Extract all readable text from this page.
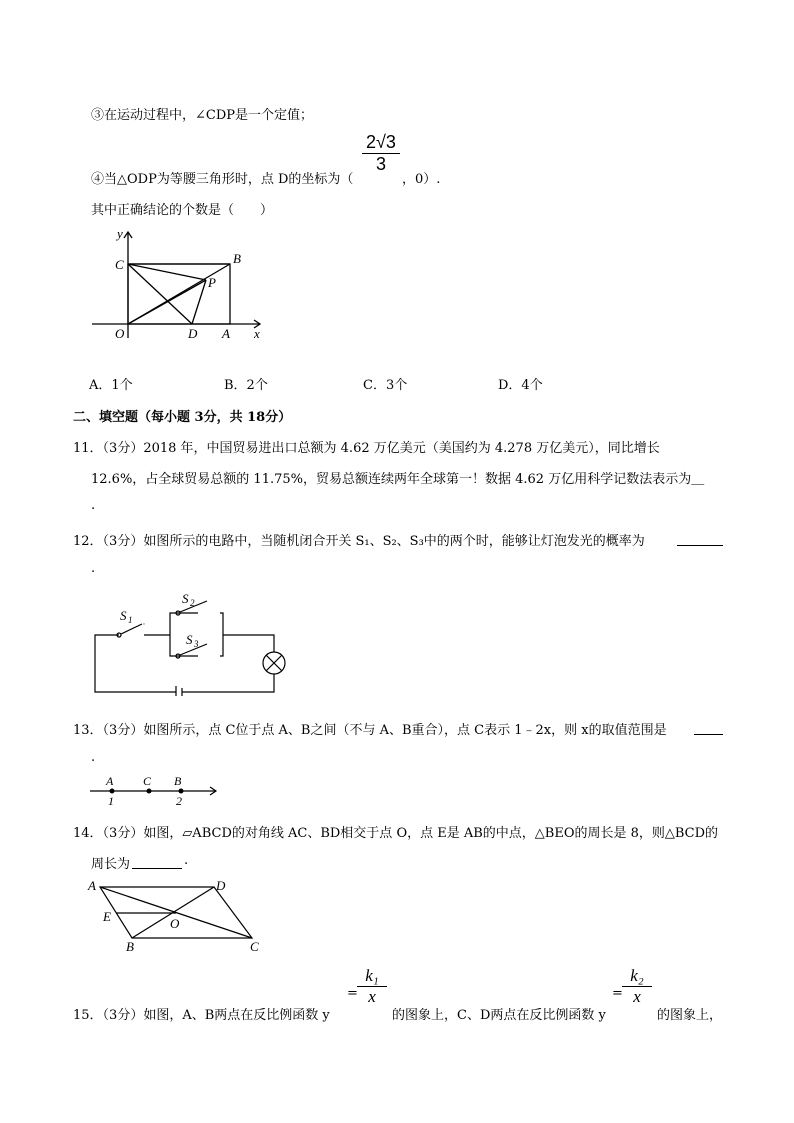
③在运动过程中，∠CDP是一个定值；
④当△ODP为等腰三角形时，点 D的坐标为（
$\frac{2√3}{3}$
，0）.
其中正确结论的个数是（　　）
y
x
C	B
P
O	D A
A．1个	B．2个	C．3个	D．4个
二、填空题（每小题 3分，共 18分）
11．（3分）2018 年，中国贸易进出口总额为 4.62 万亿美元（美国约为 4.278 万亿美元），同比增长
12.6%，占全球贸易总额的 11.75%，贸易总额连续两年全球第一！数据 4.62 万亿用科学记数法表示为＿
.
12．（3分）如图所示的电路中，当随机闭合开关 S₁、S₂、S₃中的两个时，能够让灯泡发光的概率为
.
S 1
S 2
S 3
13．（3分）如图所示，点 C位于点 A、B之间（不与 A、B重合），点 C表示 1﹣2x，则 x的取值范围是
.
A C B
1	2
14．（3分）如图，▱ABCD的对角线 AC、BD相交于点 O，点 E是 AB的中点，△BEO的周长是 8，则△BCD的
周长为	.
A	D
E	O
B	C
15．（3分）如图，A、B两点在反比例函数 y
= $\frac{\text{k₁}}{x}$
的图象上，C、D两点在反比例函数 y
= $\frac{\text{k₂}}{x}$
的图象上，
